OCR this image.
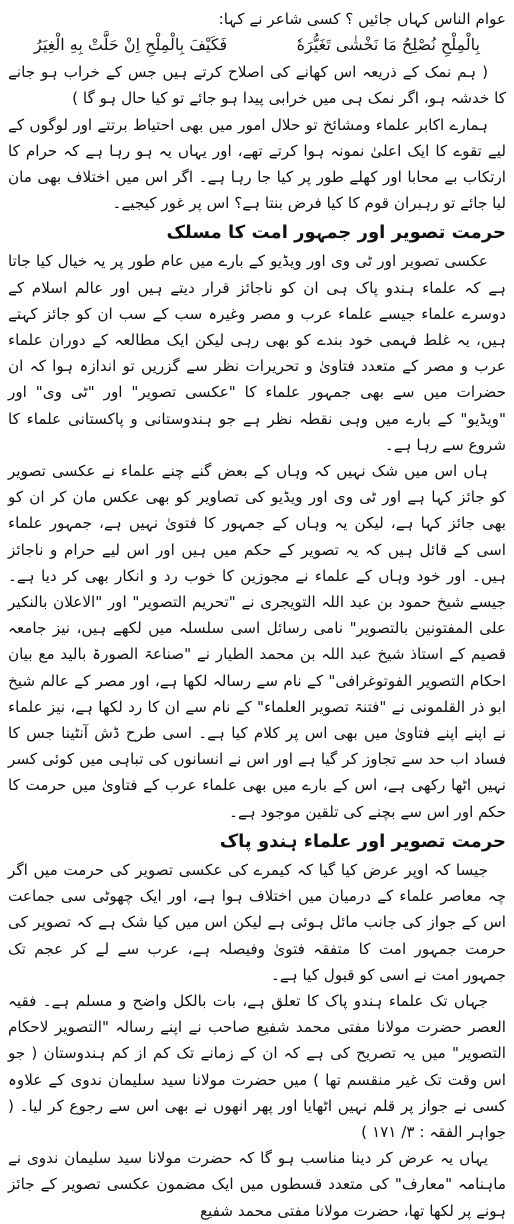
عوام الناس کہاں جائیں ؟ کسی شاعر نے کہا:

بِالْمِلْحِ نُصْلِحُ مَا نَخْشٰی تَغَيُّرَهٗ
فَکَيْفَ بِالْمِلْحِ اِنْ حَلَّتْ بِهِ الْغِيَرُ

( ہم نمک کے ذریعہ اس کھانے کی اصلاح کرتے ہیں جس کے خراب ہو جانے کا خدشہ ہو، اگر نمک ہی میں خرابی پیدا ہو جائے تو کیا حال ہو گا )

ہمارے اکابر علماء ومشائخ تو حلال امور میں بھی احتیاط برتتے اور لوگوں کے لیے تقوے کا ایک اعلیٰ نمونہ ہوا کرتے تھے، اور یہاں یہ ہو رہا ہے کہ حرام کا ارتکاب بے محابا اور کھلے طور پر کیا جا رہا ہے۔ اگر اس میں اختلاف بھی مان لیا جائے تو رہبران قوم کا کیا فرض بنتا ہے؟ اس پر غور کیجیے۔

حرمت تصویر اور جمہور امت کا مسلک

عکسی تصویر اور ٹی وی اور ویڈیو کے بارے میں عام طور پر یہ خیال کیا جاتا ہے کہ علماء ہندو پاک ہی ان کو ناجائز قرار دیتے ہیں اور عالم اسلام کے دوسرے علماء جیسے علماء عرب و مصر وغیرہ سب کے سب ان کو جائز کہتے ہیں، یہ غلط فہمی خود بندے کو بھی رہی لیکن ایک مطالعہ کے دوران علماء عرب و مصر کے متعدد فتاویٰ و تحریرات نظر سے گزریں تو اندازہ ہوا کہ ان حضرات میں سے بھی جمہور علماء کا "عکسی تصویر" اور "ٹی وی" اور "ویڈیو" کے بارے میں وہی نقطہ نظر ہے جو ہندوستانی و پاکستانی علماء کا شروع سے رہا ہے۔

ہاں اس میں شک نہیں کہ وہاں کے بعض گنے چنے علماء نے عکسی تصویر کو جائز کہا ہے اور ٹی وی اور ویڈیو کی تصاویر کو بھی عکس مان کر ان کو بھی جائز کہا ہے، لیکن یہ وہاں کے جمہور کا فتویٰ نہیں ہے، جمہور علماء اسی کے قائل ہیں کہ یہ تصویر کے حکم میں ہیں اور اس لیے حرام و ناجائز ہیں۔ اور خود وہاں کے علماء نے مجوزین کا خوب رد و انکار بھی کر دیا ہے۔ جیسے شیخ حمود بن عبد اللہ التویجری نے "تحریم التصویر" اور "الاعلان بالنکیر علی المفتونین بالتصویر" نامی رسائل اسی سلسلہ میں لکھے ہیں، نیز جامعہ قصیم کے استاذ شیخ عبد اللہ بن محمد الطیار نے "صناعۃ الصورۃ بالید مع بیان احکام التصویر الفوتوغرافی" کے نام سے رسالہ لکھا ہے، اور مصر کے عالم شیخ ابو ذر القلمونی نے "فتنۃ تصویر العلماء" کے نام سے ان کا رد لکھا ہے، نیز علماء نے اپنے اپنے فتاویٰ میں بھی اس پر کلام کیا ہے۔ اسی طرح ڈش آنٹینا جس کا فساد اب حد سے تجاوز کر گیا ہے اور اس نے انسانوں کی تباہی میں کوئی کسر نہیں اٹھا رکھی ہے، اس کے بارے میں بھی علماء عرب کے فتاویٰ میں حرمت کا حکم اور اس سے بچنے کی تلقین موجود ہے۔

حرمت تصویر اور علماء ہندو پاک

جیسا کہ اوپر عرض کیا گیا کہ کیمرے کی عکسی تصویر کی حرمت میں اگر چہ معاصر علماء کے درمیان میں اختلاف ہوا ہے، اور ایک چھوٹی سی جماعت اس کے جواز کی جانب مائل ہوئی ہے لیکن اس میں کیا شک ہے کہ تصویر کی حرمت جمہور امت کا متفقہ فتویٰ وفیصلہ ہے، عرب سے لے کر عجم تک جمہور امت نے اسی کو قبول کیا ہے۔

جہاں تک علماء ہندو پاک کا تعلق ہے، بات بالکل واضح و مسلم ہے۔ فقیہ العصر حضرت مولانا مفتی محمد شفیع صاحب نے اپنے رسالہ "التصویر لاحکام التصویر" میں یہ تصریح کی ہے کہ ان کے زمانے تک کم از کم ہندوستان ( جو اس وقت تک غیر منقسم تھا ) میں حضرت مولانا سید سلیمان ندوی کے علاوہ کسی نے جواز پر قلم نہیں اٹھایا اور پھر انھوں نے بھی اس سے رجوع کر لیا۔ ( جواہر الفقہ : ۳/ ۱۷۱ )

یہاں یہ عرض کر دینا مناسب ہو گا کہ حضرت مولانا سید سلیمان ندوی نے ماہنامہ "معارف" کی متعدد قسطوں میں ایک مضمون عکسی تصویر کے جائز ہونے پر لکھا تھا، حضرت مولانا مفتی محمد شفیع
